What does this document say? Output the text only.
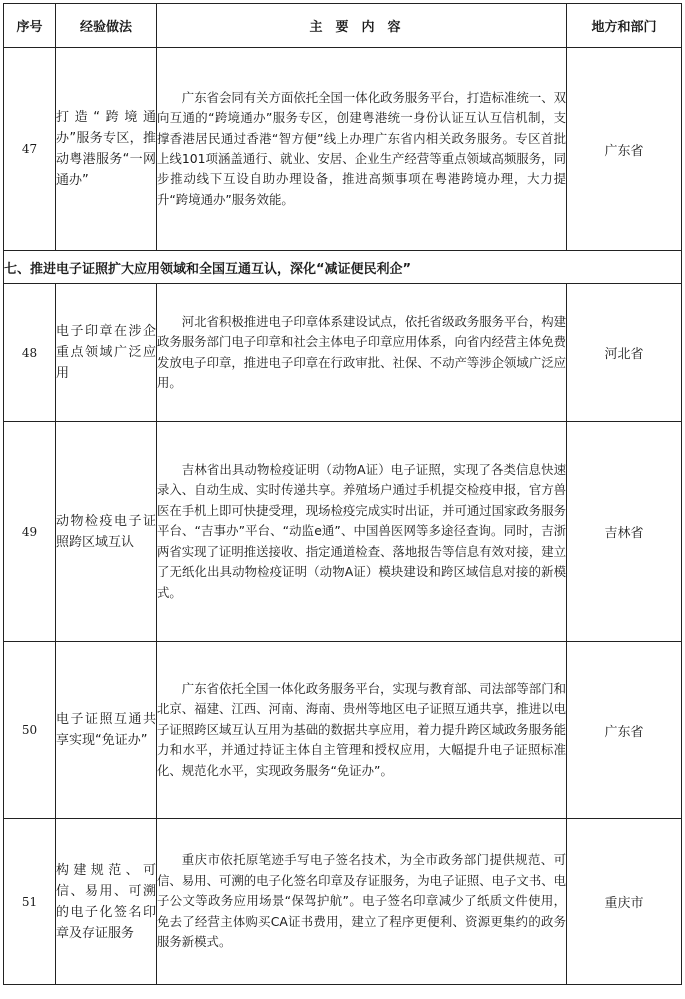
序号	经验做法	主要内容	地方和部门
47	打造“跨境通办”服务专区，推动粤港服务“一网通办”	广东省会同有关方面依托全国一体化政务服务平台，打造标准统一、双向互通的“跨境通办”服务专区，创建粤港统一身份认证互认互信机制，支撑香港居民通过香港“智方便”线上办理广东省内相关政务服务。专区首批上线101项涵盖通行、就业、安居、企业生产经营等重点领域高频服务，同步推动线下互设自助办理设备，推进高频事项在粤港跨境办理，大力提升“跨境通办”服务效能。	广东省
七、推进电子证照扩大应用领域和全国互通互认，深化“减证便民利企”			
48	电子印章在涉企重点领域广泛应用	河北省积极推进电子印章体系建设试点，依托省级政务服务平台，构建政务服务部门电子印章和社会主体电子印章应用体系，向省内经营主体免费发放电子印章，推进电子印章在行政审批、社保、不动产等涉企领域广泛应用。	河北省
49	动物检疫电子证照跨区域互认	吉林省出具动物检疫证明（动物A证）电子证照，实现了各类信息快速录入、自动生成、实时传递共享。养殖场户通过手机提交检疫申报，官方兽医在手机上即可快捷受理，现场检疫完成实时出证，并可通过国家政务服务平台、“吉事办”平台、“动监e通”、中国兽医网等多途径查询。同时，吉浙两省实现了证明推送接收、指定通道检查、落地报告等信息有效对接，建立了无纸化出具动物检疫证明（动物A证）模块建设和跨区域信息对接的新模式。	吉林省
50	电子证照互通共享实现“免证办”	广东省依托全国一体化政务服务平台，实现与教育部、司法部等部门和北京、福建、江西、河南、海南、贵州等地区电子证照互通共享，推进以电子证照跨区域互认互用为基础的数据共享应用，着力提升跨区域政务服务能力和水平，并通过持证主体自主管理和授权应用，大幅提升电子证照标准化、规范化水平，实现政务服务“免证办”。	广东省
51	构建规范、可信、易用、可溯的电子化签名印章及存证服务	重庆市依托原笔迹手写电子签名技术，为全市政务部门提供规范、可信、易用、可溯的电子化签名印章及存证服务，为电子证照、电子文书、电子公文等政务应用场景“保驾护航”。电子签名印章减少了纸质文件使用，免去了经营主体购买CA证书费用，建立了程序更便利、资源更集约的政务服务新模式。	重庆市
